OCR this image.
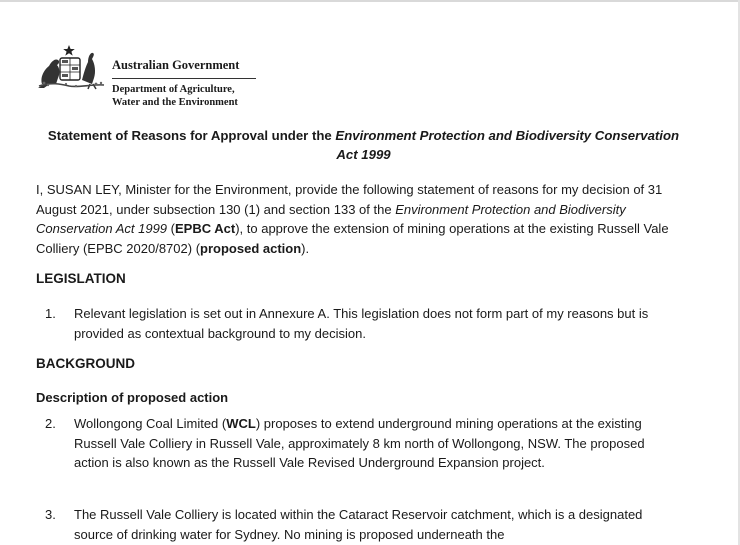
Australian Government
Department of Agriculture,
Water and the Environment
Statement of Reasons for Approval under the Environment Protection and Biodiversity Conservation Act 1999
I, SUSAN LEY, Minister for the Environment, provide the following statement of reasons for my decision of 31 August 2021, under subsection 130 (1) and section 133 of the Environment Protection and Biodiversity Conservation Act 1999 (EPBC Act), to approve the extension of mining operations at the existing Russell Vale Colliery (EPBC 2020/8702) (proposed action).
LEGISLATION
1. Relevant legislation is set out in Annexure A. This legislation does not form part of my reasons but is provided as contextual background to my decision.
BACKGROUND
Description of proposed action
2. Wollongong Coal Limited (WCL) proposes to extend underground mining operations at the existing Russell Vale Colliery in Russell Vale, approximately 8 km north of Wollongong, NSW. The proposed action is also known as the Russell Vale Revised Underground Expansion project.
3. The Russell Vale Colliery is located within the Cataract Reservoir catchment, which is a designated source of drinking water for Sydney. No mining is proposed underneath the
